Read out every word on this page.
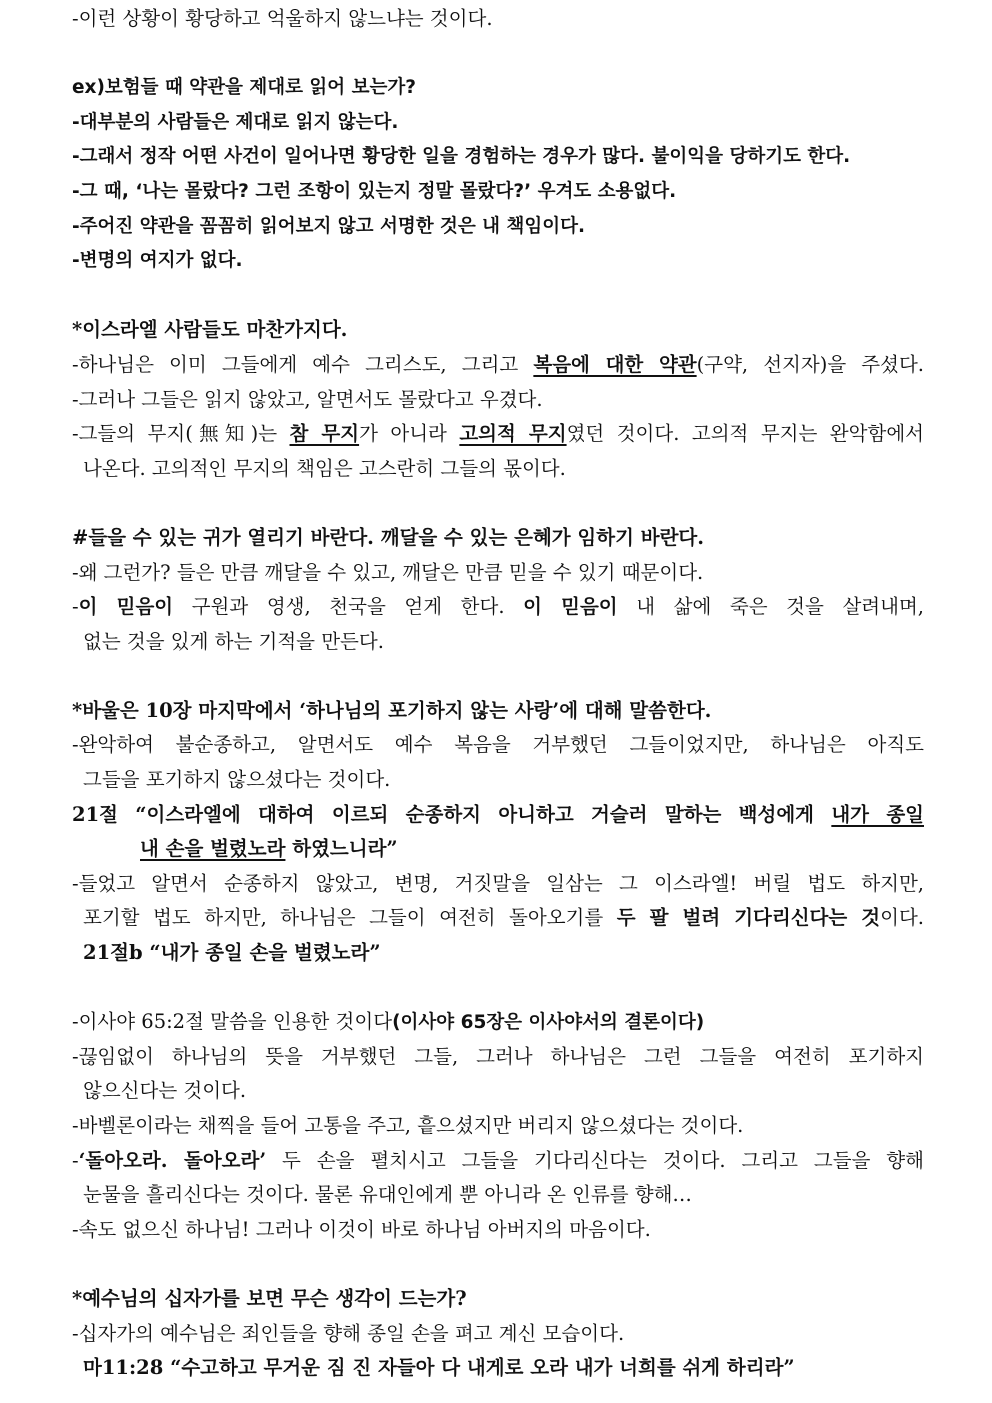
-이런 상황이 황당하고 억울하지 않느냐는 것이다.
ex)보험들 때 약관을 제대로 읽어 보는가?
-대부분의 사람들은 제대로 읽지 않는다.
-그래서 정작 어떤 사건이 일어나면 황당한 일을 경험하는 경우가 많다. 불이익을 당하기도 한다.
-그 때, ‘나는 몰랐다? 그런 조항이 있는지 정말 몰랐다?’ 우겨도 소용없다.
-주어진 약관을 꼼꼼히 읽어보지 않고 서명한 것은 내 책임이다.
-변명의 여지가 없다.
*이스라엘 사람들도 마찬가지다.
-하나님은 이미 그들에게 예수 그리스도, 그리고 복음에 대한 약관(구약, 선지자)을 주셨다.
-그러나 그들은 읽지 않았고, 알면서도 몰랐다고 우겼다.
-그들의 무지(無知)는 참 무지가 아니라 고의적 무지였던 것이다. 고의적 무지는 완악함에서
나온다. 고의적인 무지의 책임은 고스란히 그들의 몫이다.
#들을 수 있는 귀가 열리기 바란다. 깨달을 수 있는 은혜가 임하기 바란다.
-왜 그런가? 들은 만큼 깨달을 수 있고, 깨달은 만큼 믿을 수 있기 때문이다.
-이 믿음이 구원과 영생, 천국을 얻게 한다. 이 믿음이 내 삶에 죽은 것을 살려내며,
없는 것을 있게 하는 기적을 만든다.
*바울은 10장 마지막에서 ‘하나님의 포기하지 않는 사랑’에 대해 말씀한다.
-완악하여 불순종하고, 알면서도 예수 복음을 거부했던 그들이었지만, 하나님은 아직도
그들을 포기하지 않으셨다는 것이다.
21절 “이스라엘에 대하여 이르되 순종하지 아니하고 거슬러 말하는 백성에게 내가 종일
내 손을 벌렸노라 하였느니라”
-들었고 알면서 순종하지 않았고, 변명, 거짓말을 일삼는 그 이스라엘! 버릴 법도 하지만,
포기할 법도 하지만, 하나님은 그들이 여전히 돌아오기를 두 팔 벌려 기다리신다는 것이다.
21절b “내가 종일 손을 벌렸노라”
-이사야 65:2절 말씀을 인용한 것이다(이사야 65장은 이사야서의 결론이다)
-끊임없이 하나님의 뜻을 거부했던 그들, 그러나 하나님은 그런 그들을 여전히 포기하지
않으신다는 것이다.
-바벨론이라는 채찍을 들어 고통을 주고, 흩으셨지만 버리지 않으셨다는 것이다.
-‘돌아오라. 돌아오라’ 두 손을 펼치시고 그들을 기다리신다는 것이다. 그리고 그들을 향해
눈물을 흘리신다는 것이다. 물론 유대인에게 뿐 아니라 온 인류를 향해…
-속도 없으신 하나님! 그러나 이것이 바로 하나님 아버지의 마음이다.
*예수님의 십자가를 보면 무슨 생각이 드는가?
-십자가의 예수님은 죄인들을 향해 종일 손을 펴고 계신 모습이다.
마11:28 “수고하고 무거운 짐 진 자들아 다 내게로 오라 내가 너희를 쉬게 하리라”
